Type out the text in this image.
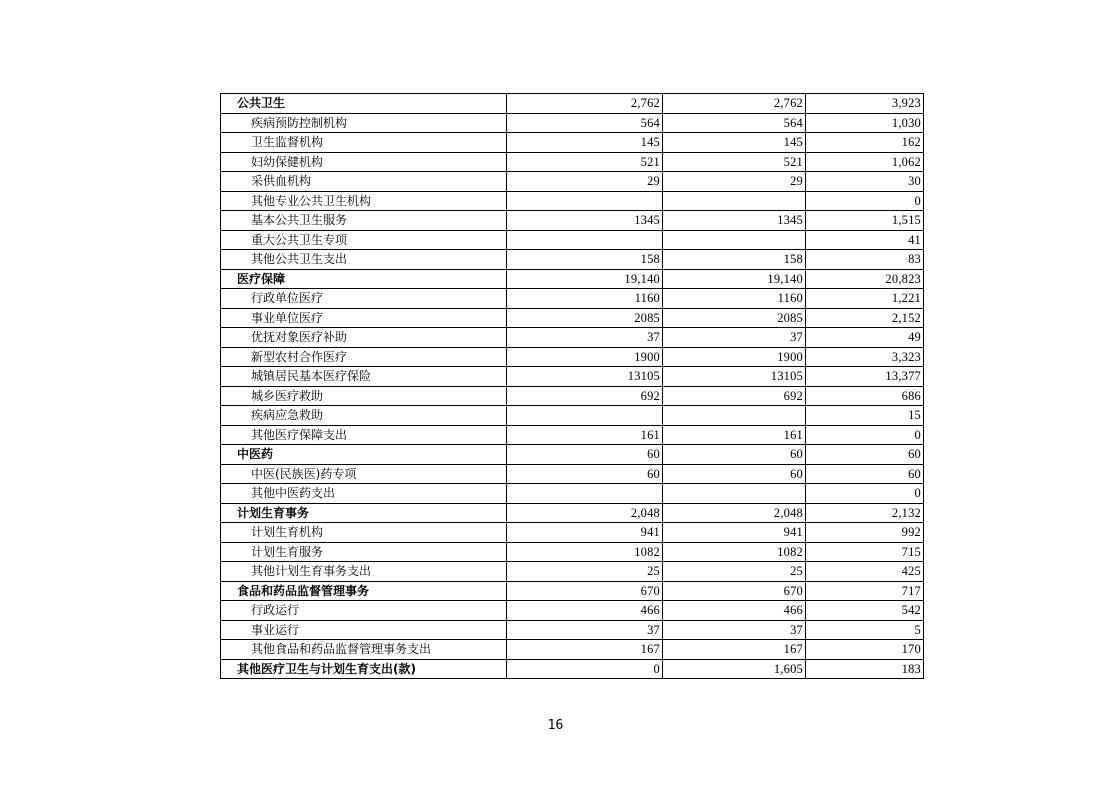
公共卫生	2,762	2,762	3,923
疾病预防控制机构	564	564	1,030
卫生监督机构	145	145	162
妇幼保健机构	521	521	1,062
采供血机构	29	29	30
其他专业公共卫生机构			0
基本公共卫生服务	1345	1345	1,515
重大公共卫生专项			41
其他公共卫生支出	158	158	83
医疗保障	19,140	19,140	20,823
行政单位医疗	1160	1160	1,221
事业单位医疗	2085	2085	2,152
优抚对象医疗补助	37	37	49
新型农村合作医疗	1900	1900	3,323
城镇居民基本医疗保险	13105	13105	13,377
城乡医疗救助	692	692	686
疾病应急救助			15
其他医疗保障支出	161	161	0
中医药	60	60	60
中医(民族医)药专项	60	60	60
其他中医药支出			0
计划生育事务	2,048	2,048	2,132
计划生育机构	941	941	992
计划生育服务	1082	1082	715
其他计划生育事务支出	25	25	425
食品和药品监督管理事务	670	670	717
行政运行	466	466	542
事业运行	37	37	5
其他食品和药品监督管理事务支出	167	167	170
其他医疗卫生与计划生育支出(款)	0	1,605	183
16
